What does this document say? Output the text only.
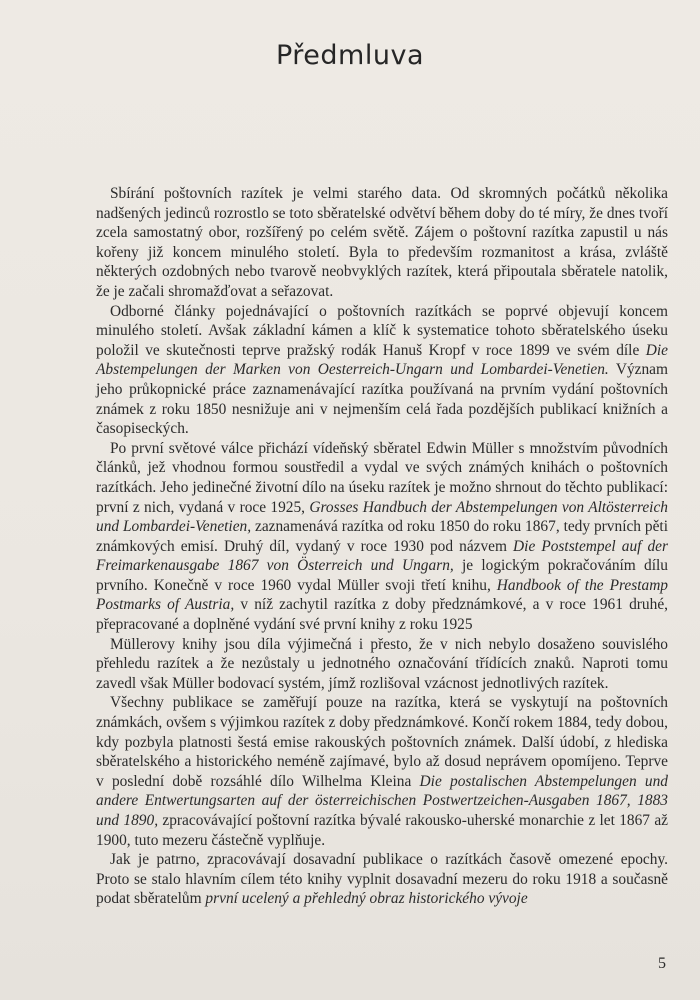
Předmluva

Sbírání poštovních razítek je velmi starého data. Od skromných počátků několika nadšených jedinců rozrostlo se toto sběratelské odvětví během doby do té míry, že dnes tvoří zcela samostatný obor, rozšířený po celém světě. Zájem o poštovní razítka zapustil u nás kořeny již koncem minulého století. Byla to především rozmanitost a krása, zvláště některých ozdobných nebo tvarově neobvyklých razítek, která připoutala sběratele natolik, že je začali shromažďovat a seřazovat.

Odborné články pojednávající o poštovních razítkách se poprvé objevují koncem minulého století. Avšak základní kámen a klíč k systematice tohoto sběratelského úseku položil ve skutečnosti teprve pražský rodák Hanuš Kropf v roce 1899 ve svém díle Die Abstempelungen der Marken von Oesterreich-Ungarn und Lombardei-Venetien. Význam jeho průkopnické práce zaznamenávající razítka používaná na prvním vydání poštovních známek z roku 1850 nesnižuje ani v nejmenším celá řada pozdějších publikací knižních a časopiseckých.

Po první světové válce přichází vídeňský sběratel Edwin Müller s množstvím původních článků, jež vhodnou formou soustředil a vydal ve svých známých knihách o poštovních razítkách. Jeho jedinečné životní dílo na úseku razítek je možno shrnout do těchto publikací: první z nich, vydaná v roce 1925, Grosses Handbuch der Abstempelungen von Altösterreich und Lombardei-Venetien, zaznamenává razítka od roku 1850 do roku 1867, tedy prvních pěti známkových emisí. Druhý díl, vydaný v roce 1930 pod názvem Die Poststempel auf der Freimarkenausgabe 1867 von Österreich und Ungarn, je logickým pokračováním dílu prvního. Konečně v roce 1960 vydal Müller svoji třetí knihu, Handbook of the Prestamp Postmarks of Austria, v níž zachytil razítka z doby předznámkové, a v roce 1961 druhé, přepracované a doplněné vydání své první knihy z roku 1925

Müllerovy knihy jsou díla výjimečná i přesto, že v nich nebylo dosaženo souvislého přehledu razítek a že nezůstaly u jednotného označování třídících znaků. Naproti tomu zavedl však Müller bodovací systém, jímž rozlišoval vzácnost jednotlivých razítek.

Všechny publikace se zaměřují pouze na razítka, která se vyskytují na poštovních známkách, ovšem s výjimkou razítek z doby předznámkové. Končí rokem 1884, tedy dobou, kdy pozbyla platnosti šestá emise rakouských poštovních známek. Další údobí, z hlediska sběratelského a historického neméně zajímavé, bylo až dosud neprávem opomíjeno. Teprve v poslední době rozsáhlé dílo Wilhelma Kleina Die postalischen Abstempelungen und andere Entwertungsarten auf der österreichischen Postwertzeichen-Ausgaben 1867, 1883 und 1890, zpracovávající poštovní razítka bývalé rakousko-uherské monarchie z let 1867 až 1900, tuto mezeru částečně vyplňuje.

Jak je patrno, zpracovávají dosavadní publikace o razítkách časově omezené epochy. Proto se stalo hlavním cílem této knihy vyplnit dosavadní mezeru do roku 1918 a současně podat sběratelům první ucelený a přehledný obraz historického vývoje

5
